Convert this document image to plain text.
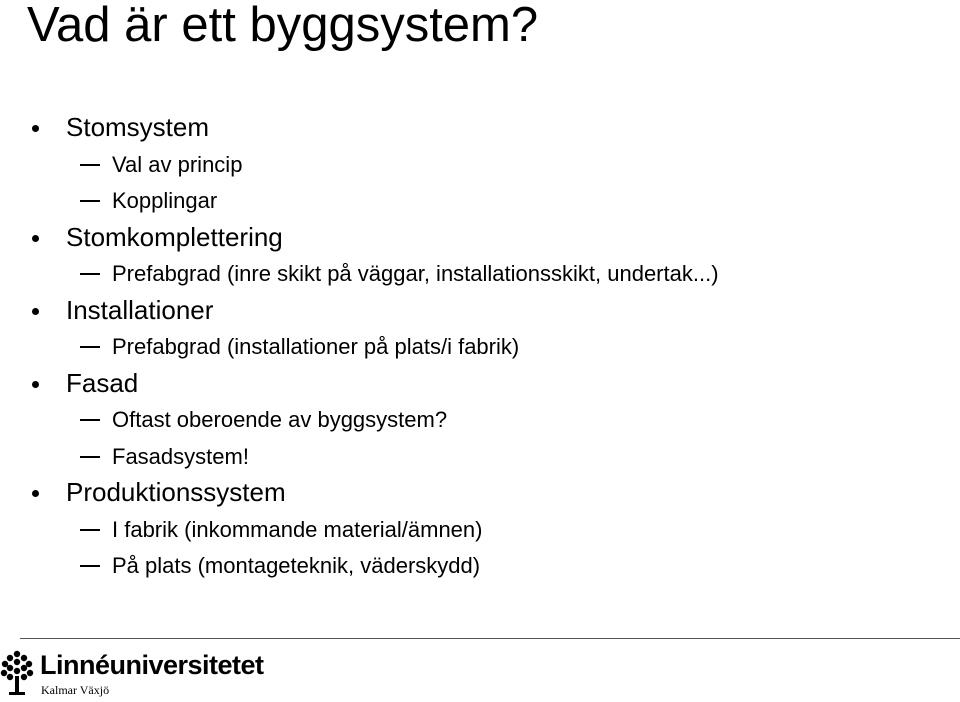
Vad är ett byggsystem?
Stomsystem
Val av princip
Kopplingar
Stomkomplettering
Prefabgrad (inre skikt på väggar, installationsskikt, undertak...)
Installationer
Prefabgrad (installationer på plats/i fabrik)
Fasad
Oftast oberoende av byggsystem?
Fasadsystem!
Produktionssystem
I fabrik (inkommande material/ämnen)
På plats (montageteknik, väderskydd)
Linnéuniversitetet
Kalmar Växjö
